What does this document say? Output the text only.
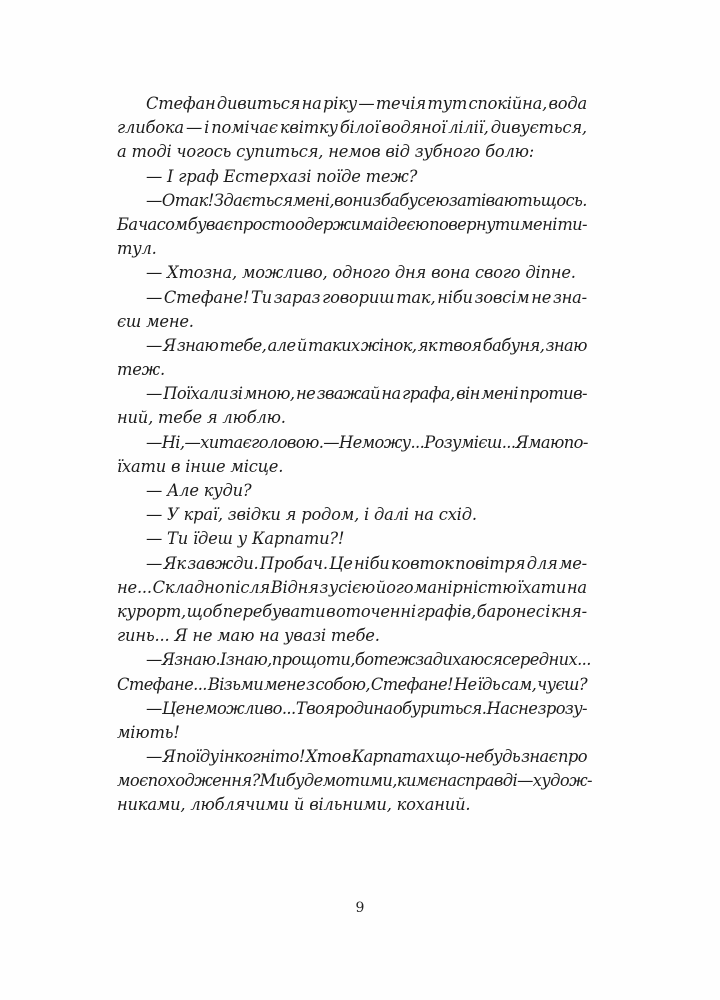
Стефан дивиться на ріку — течія тут спокійна, вода
глибока — і помічає квітку білої водяної лілії, дивується,
а тоді чогось супиться, немов від зубного болю:
— І граф Естерхазі поїде теж?
— О так! Здається мені, вони з бабусею затівають щось.
Ба часом буває просто одержима ідеєю повернути мені ти-
тул.
— Хтозна, можливо, одного дня вона свого діпне.
— Стефане! Ти зараз говориш так, ніби зовсім не зна-
єш мене.
— Я знаю тебе, але й таких жінок, як твоя бабуня, знаю
теж.
— Поїхали зі мною, не зважай на графа, він мені против-
ний, тебе я люблю.
— Ні, — хитає головою. — Не можу... Розумієш... Я маю по-
їхати в інше місце.
— Але куди?
— У краї, звідки я родом, і далі на схід.
— Ти їдеш у Карпати?!
— Як завжди. Пробач. Це ніби ковток повітря для ме-
не... Складно після Відня з усією його манірністю їхати на
курорт, щоб перебувати в оточенні графів, баронес і кня-
гинь... Я не маю на увазі тебе.
— Я знаю. І знаю, про що ти, бо теж задихаюся серед них...
Стефане... Візьми мене з собою, Стефане! Не їдь сам, чуєш?
— Це неможливо... Твоя родина обуриться. Нас не зрозу-
міють!
— Я поїду інкогніто! Хто в Карпатах що-небудь знає про
моє походження? Ми будемо тими, ким є насправді — худож-
никами, люблячими й вільними, коханий.
9
